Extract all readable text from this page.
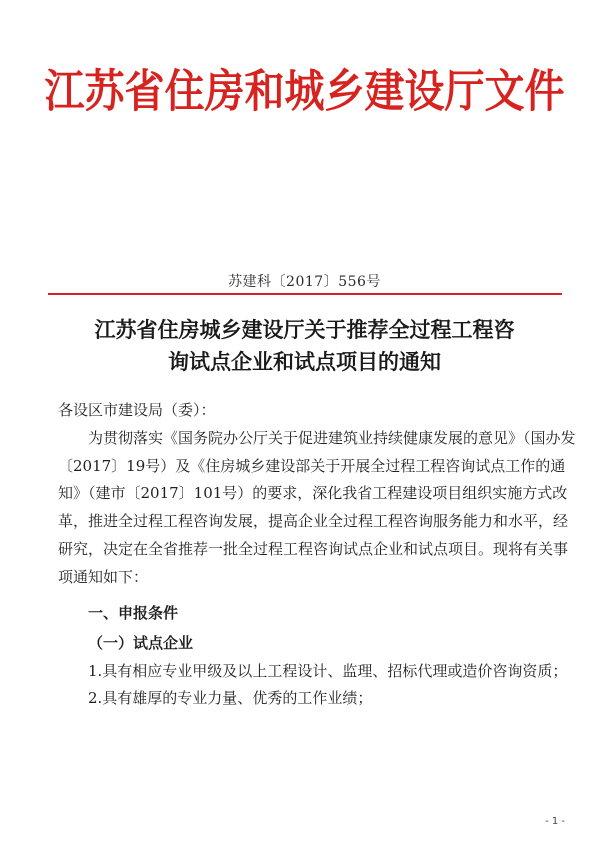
江苏省住房和城乡建设厅文件
苏建科〔2017〕556号
江苏省住房城乡建设厅关于推荐全过程工程咨
询试点企业和试点项目的通知

各设区市建设局（委）：

为贯彻落实《国务院办公厅关于促进建筑业持续健康发展的意见》（国办发〔2017〕19号）及《住房城乡建设部关于开展全过程工程咨询试点工作的通知》（建市〔2017〕101号）的要求，深化我省工程建设项目组织实施方式改革，推进全过程工程咨询发展，提高企业全过程工程咨询服务能力和水平，经研究，决定在全省推荐一批全过程工程咨询试点企业和试点项目。现将有关事项通知如下：

一、申报条件

（一）试点企业

1.具有相应专业甲级及以上工程设计、监理、招标代理或造价咨询资质；

2.具有雄厚的专业力量、优秀的工作业绩；

- 1 -
